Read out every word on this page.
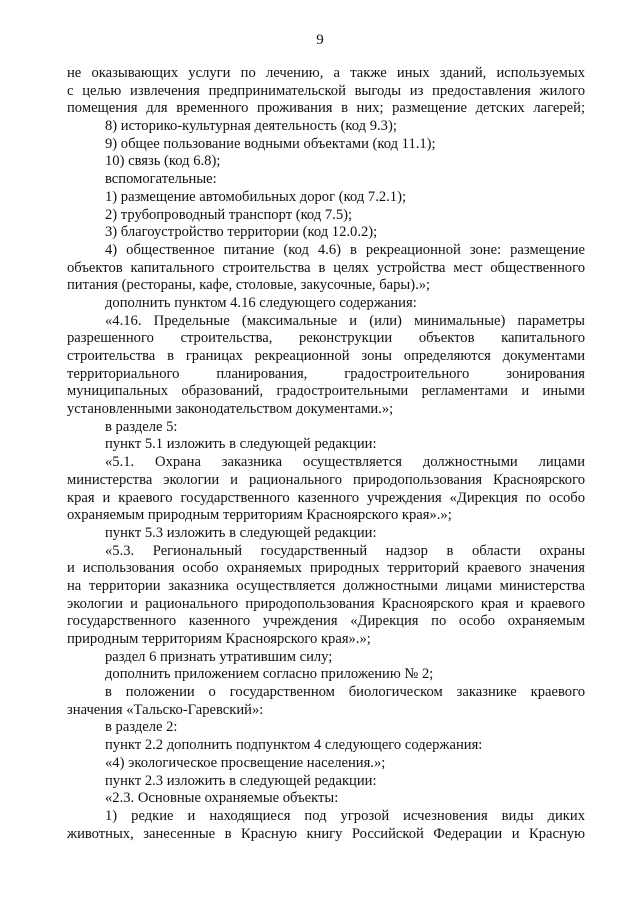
9
не оказывающих услуги по лечению, а также иных зданий, используемых
с целью извлечения предпринимательской выгоды из предоставления жилого
помещения для временного проживания в них; размещение детских лагерей;
8) историко-культурная деятельность (код 9.3);
9) общее пользование водными объектами (код 11.1);
10) связь (код 6.8);
вспомогательные:
1) размещение автомобильных дорог (код 7.2.1);
2) трубопроводный транспорт (код 7.5);
3) благоустройство территории (код 12.0.2);
4) общественное питание (код 4.6) в рекреационной зоне: размещение
объектов капитального строительства в целях устройства мест общественного
питания (рестораны, кафе, столовые, закусочные, бары).»;
дополнить пунктом 4.16 следующего содержания:
«4.16. Предельные (максимальные и (или) минимальные) параметры
разрешенного строительства, реконструкции объектов капитального
строительства в границах рекреационной зоны определяются документами
территориального планирования, градостроительного зонирования
муниципальных образований, градостроительными регламентами и иными
установленными законодательством документами.»;
в разделе 5:
пункт 5.1 изложить в следующей редакции:
«5.1. Охрана заказника осуществляется должностными лицами
министерства экологии и рационального природопользования Красноярского
края и краевого государственного казенного учреждения «Дирекция по особо
охраняемым природным территориям Красноярского края».»;
пункт 5.3 изложить в следующей редакции:
«5.3. Региональный государственный надзор в области охраны
и использования особо охраняемых природных территорий краевого значения
на территории заказника осуществляется должностными лицами министерства
экологии и рационального природопользования Красноярского края и краевого
государственного казенного учреждения «Дирекция по особо охраняемым
природным территориям Красноярского края».»;
раздел 6 признать утратившим силу;
дополнить приложением согласно приложению № 2;
в положении о государственном биологическом заказнике краевого
значения «Тальско-Гаревский»:
в разделе 2:
пункт 2.2 дополнить подпунктом 4 следующего содержания:
«4) экологическое просвещение населения.»;
пункт 2.3 изложить в следующей редакции:
«2.3. Основные охраняемые объекты:
1) редкие и находящиеся под угрозой исчезновения виды диких
животных, занесенные в Красную книгу Российской Федерации и Красную
